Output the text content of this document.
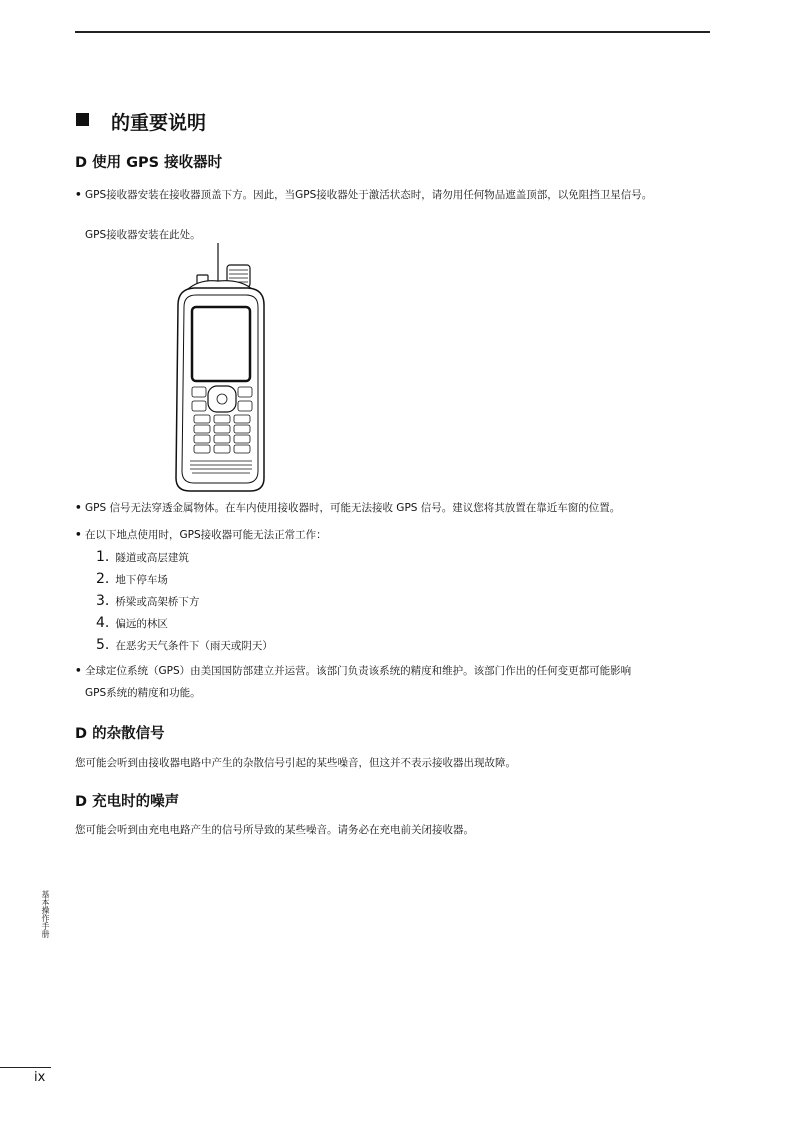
的重要说明
D 使用 GPS 接收器时
• GPS接收器安装在接收器顶盖下方。因此，当GPS接收器处于激活状态时，请勿用任何物品遮盖顶部，以免阻挡卫星信号。
GPS接收器安装在此处。
• GPS 信号无法穿透金属物体。在车内使用接收器时，可能无法接收 GPS 信号。建议您将其放置在靠近车窗的位置。
• 在以下地点使用时，GPS接收器可能无法正常工作：
1. 隧道或高层建筑
2. 地下停车场
3. 桥梁或高架桥下方
4. 偏远的林区
5. 在恶劣天气条件下（雨天或阴天）
• 全球定位系统（GPS）由美国国防部建立并运营。该部门负责该系统的精度和维护。该部门作出的任何变更都可能影响
GPS系统的精度和功能。
D 的杂散信号
您可能会听到由接收器电路中产生的杂散信号引起的某些噪音，但这并不表示接收器出现故障。
D 充电时的噪声
您可能会听到由充电电路产生的信号所导致的某些噪音。请务必在充电前关闭接收器。
基本操作手册
ix
